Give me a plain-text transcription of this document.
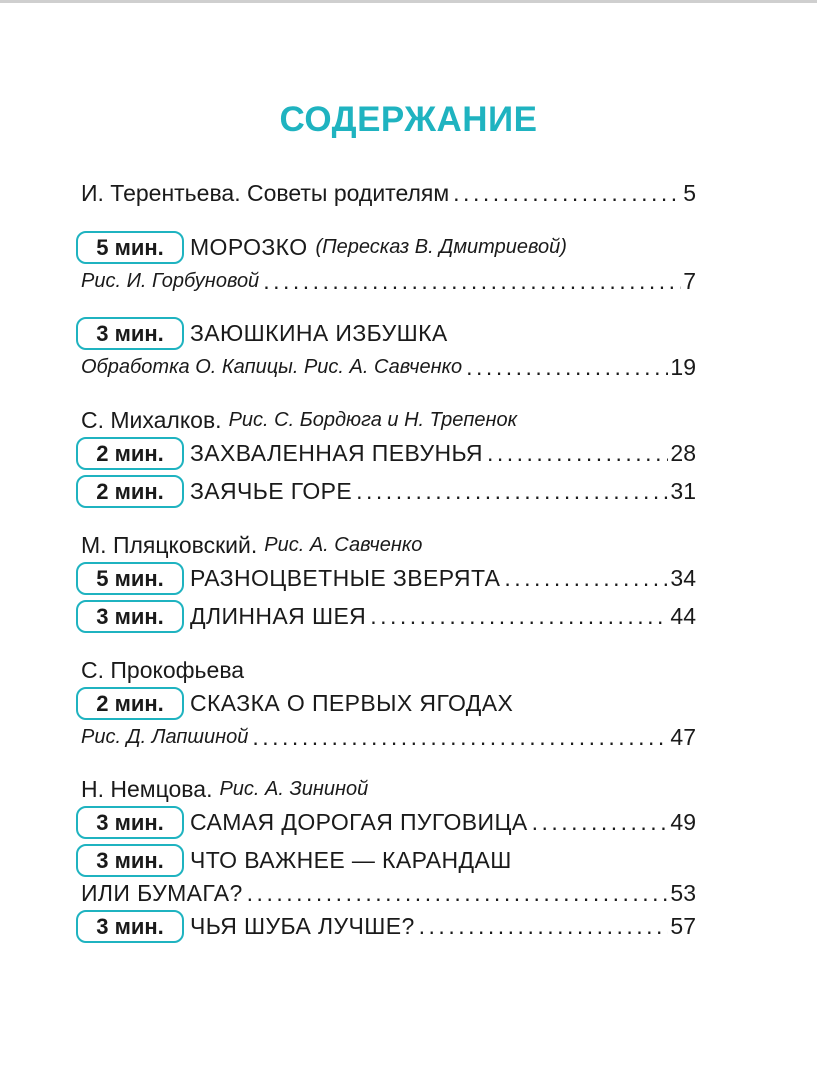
СОДЕРЖАНИЕ
И. Терентьева. Советы родителям .....	5
5 мин.	МОРОЗКО (Пересказ В. Дмитриевой)
Рис. И. Горбуновой .....	7
3 мин.	ЗАЮШКИНА ИЗБУШКА
Обработка О. Капицы. Рис. А. Савченко .....	19
С. Михалков. Рис. С. Бордюга и Н. Трепенок
2 мин.	ЗАХВАЛЕННАЯ ПЕВУНЬЯ .....	28
2 мин.	ЗАЯЧЬЕ ГОРЕ .....	31
М. Пляцковский. Рис. А. Савченко
5 мин.	РАЗНОЦВЕТНЫЕ ЗВЕРЯТА .....	34
3 мин.	ДЛИННАЯ ШЕЯ .....	44
С. Прокофьева
2 мин.	СКАЗКА О ПЕРВЫХ ЯГОДАХ
Рис. Д. Лапшиной .....	47
Н. Немцова. Рис. А. Зининой
3 мин.	САМАЯ ДОРОГАЯ ПУГОВИЦА .....	49
3 мин.	ЧТО ВАЖНЕЕ — КАРАНДАШ
ИЛИ БУМАГА? .....	53
3 мин.	ЧЬЯ ШУБА ЛУЧШЕ? .....	57
